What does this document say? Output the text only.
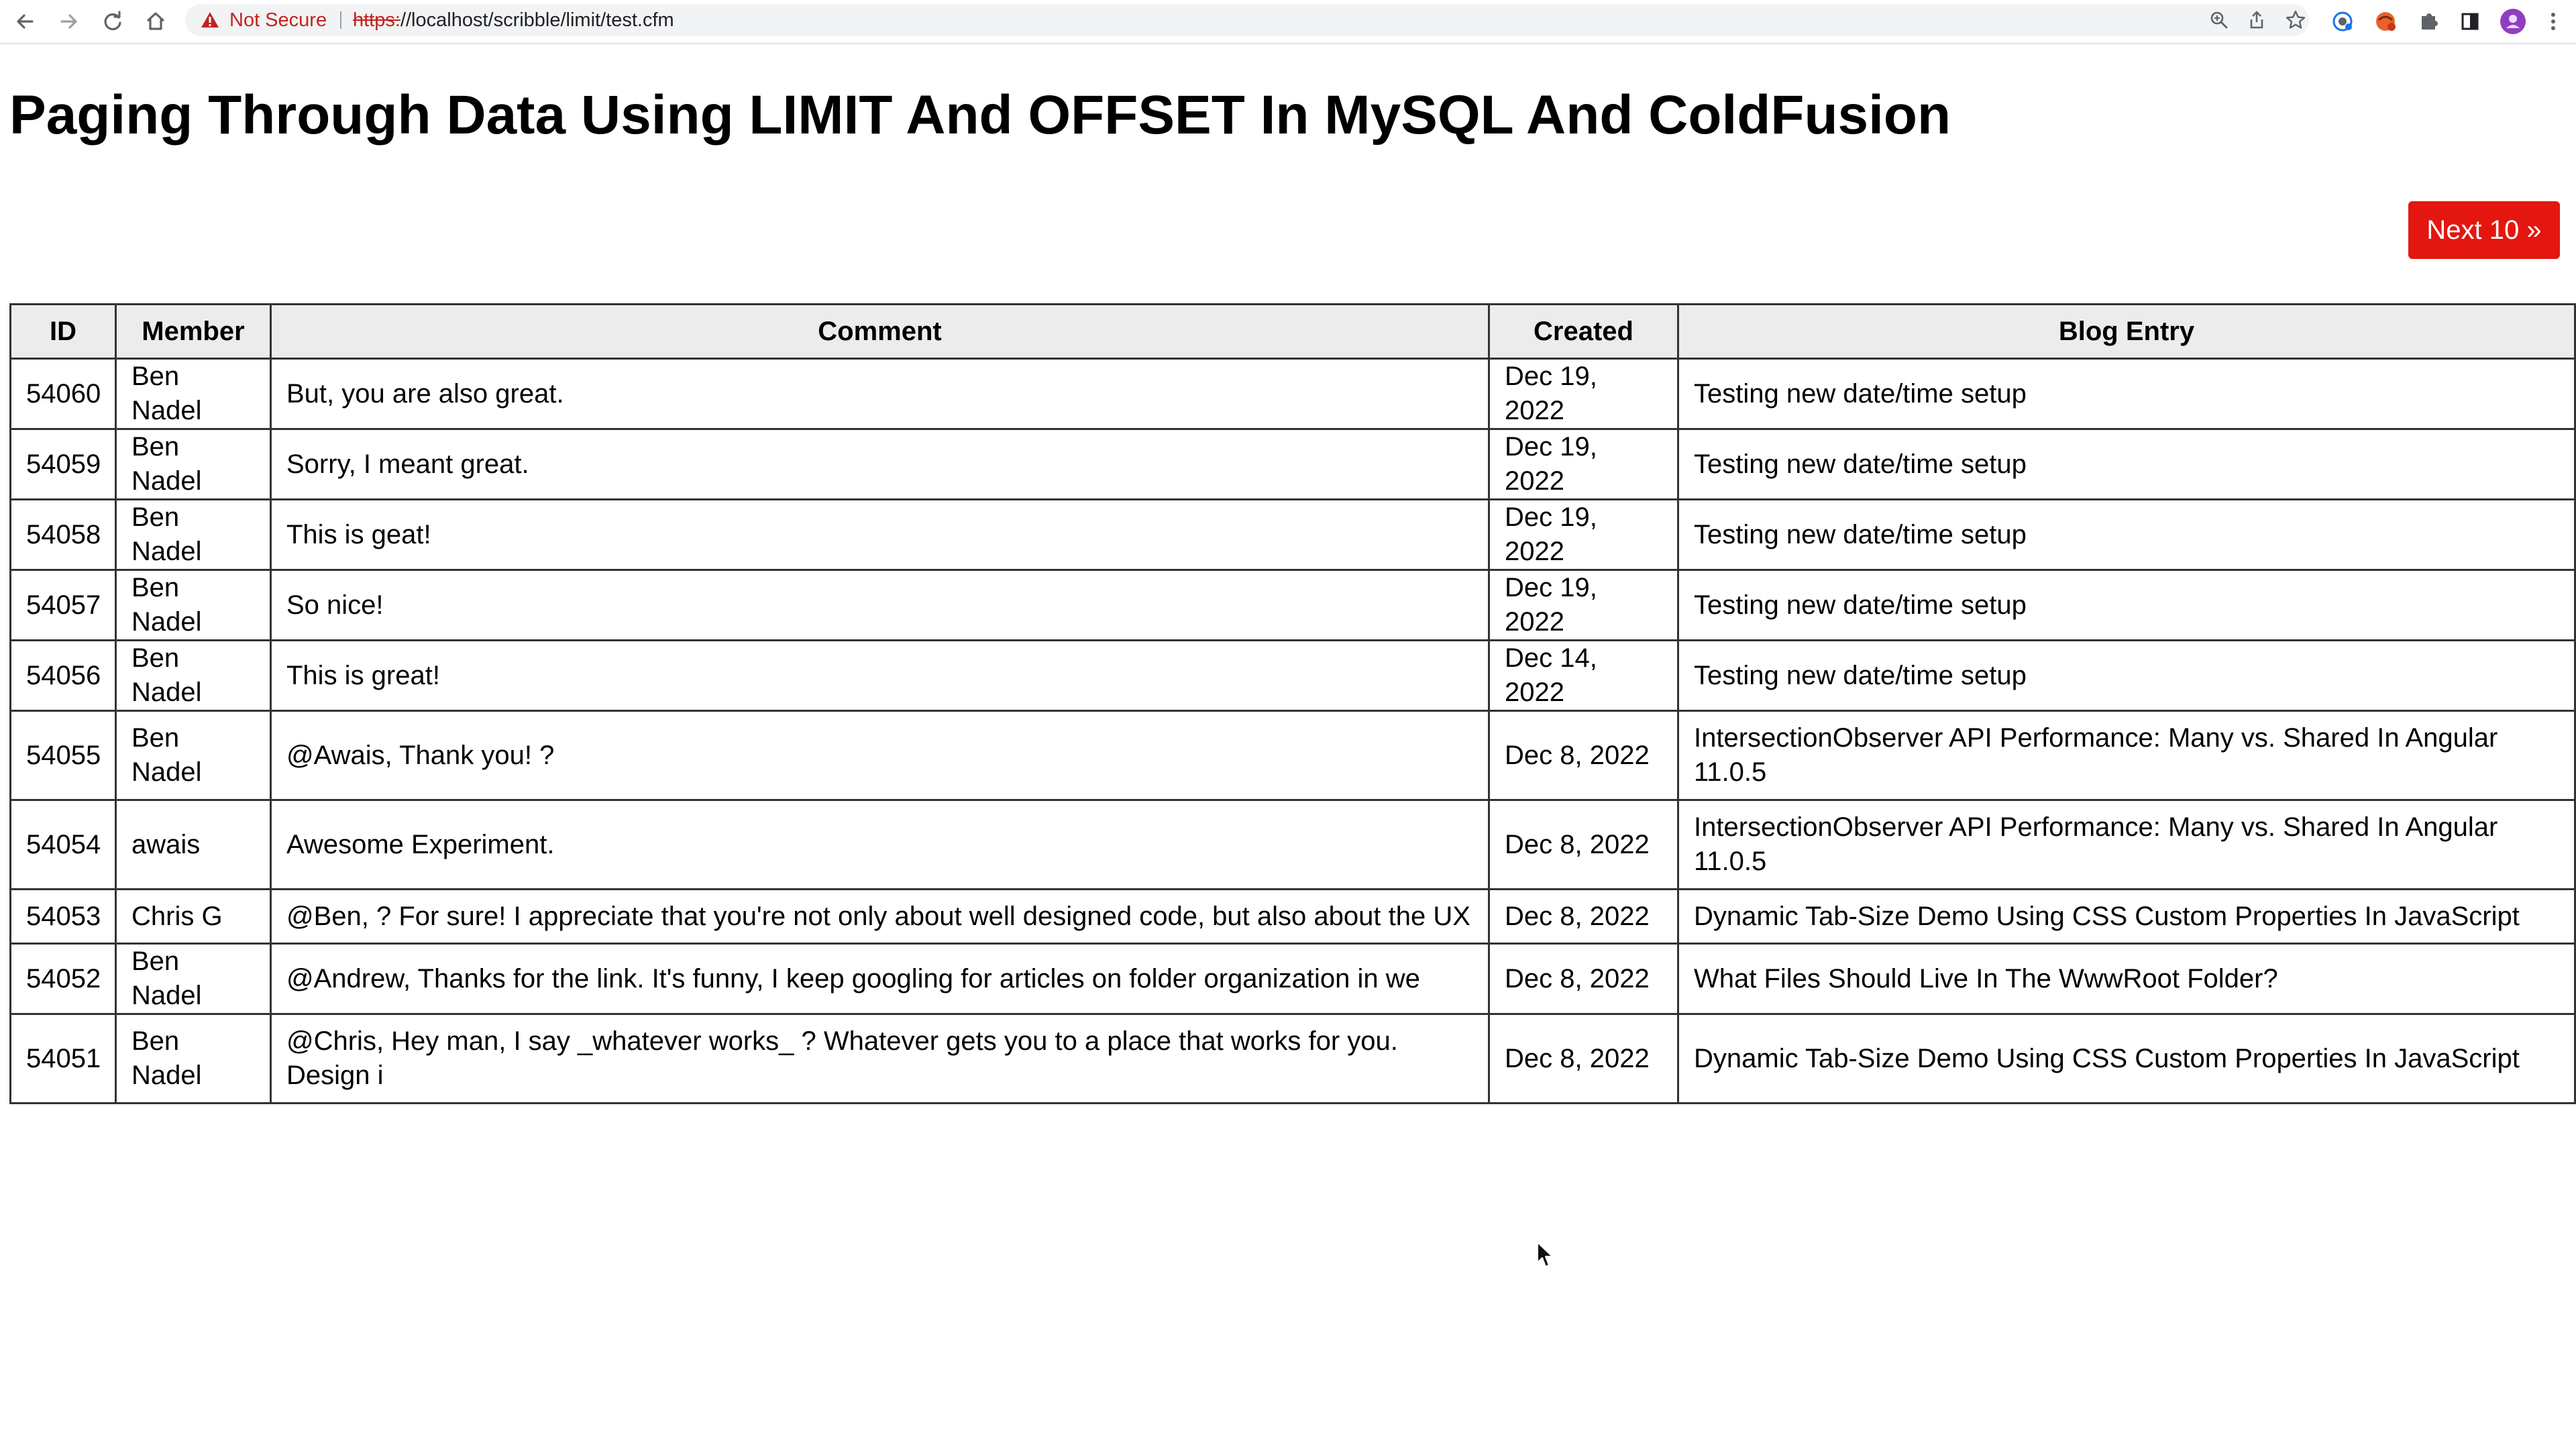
Not Secure https://localhost/scribble/limit/test.cfm
Paging Through Data Using LIMIT And OFFSET In MySQL And ColdFusion
Next 10 »
ID	Member	Comment	Created	Blog Entry
54060	Ben Nadel	But, you are also great.	Dec 19, 2022	Testing new date/time setup
54059	Ben Nadel	Sorry, I meant great.	Dec 19, 2022	Testing new date/time setup
54058	Ben Nadel	This is geat!	Dec 19, 2022	Testing new date/time setup
54057	Ben Nadel	So nice!	Dec 19, 2022	Testing new date/time setup
54056	Ben Nadel	This is great!	Dec 14, 2022	Testing new date/time setup
54055	Ben Nadel	@Awais, Thank you! ?	Dec 8, 2022	IntersectionObserver API Performance: Many vs. Shared In Angular 11.0.5
54054	awais	Awesome Experiment.	Dec 8, 2022	IntersectionObserver API Performance: Many vs. Shared In Angular 11.0.5
54053	Chris G	@Ben, ? For sure! I appreciate that you're not only about well designed code, but also about the UX	Dec 8, 2022	Dynamic Tab-Size Demo Using CSS Custom Properties In JavaScript
54052	Ben Nadel	@Andrew, Thanks for the link. It's funny, I keep googling for articles on folder organization in we	Dec 8, 2022	What Files Should Live In The WwwRoot Folder?
54051	Ben Nadel	@Chris, Hey man, I say _whatever works_ ? Whatever gets you to a place that works for you. Design i	Dec 8, 2022	Dynamic Tab-Size Demo Using CSS Custom Properties In JavaScript
